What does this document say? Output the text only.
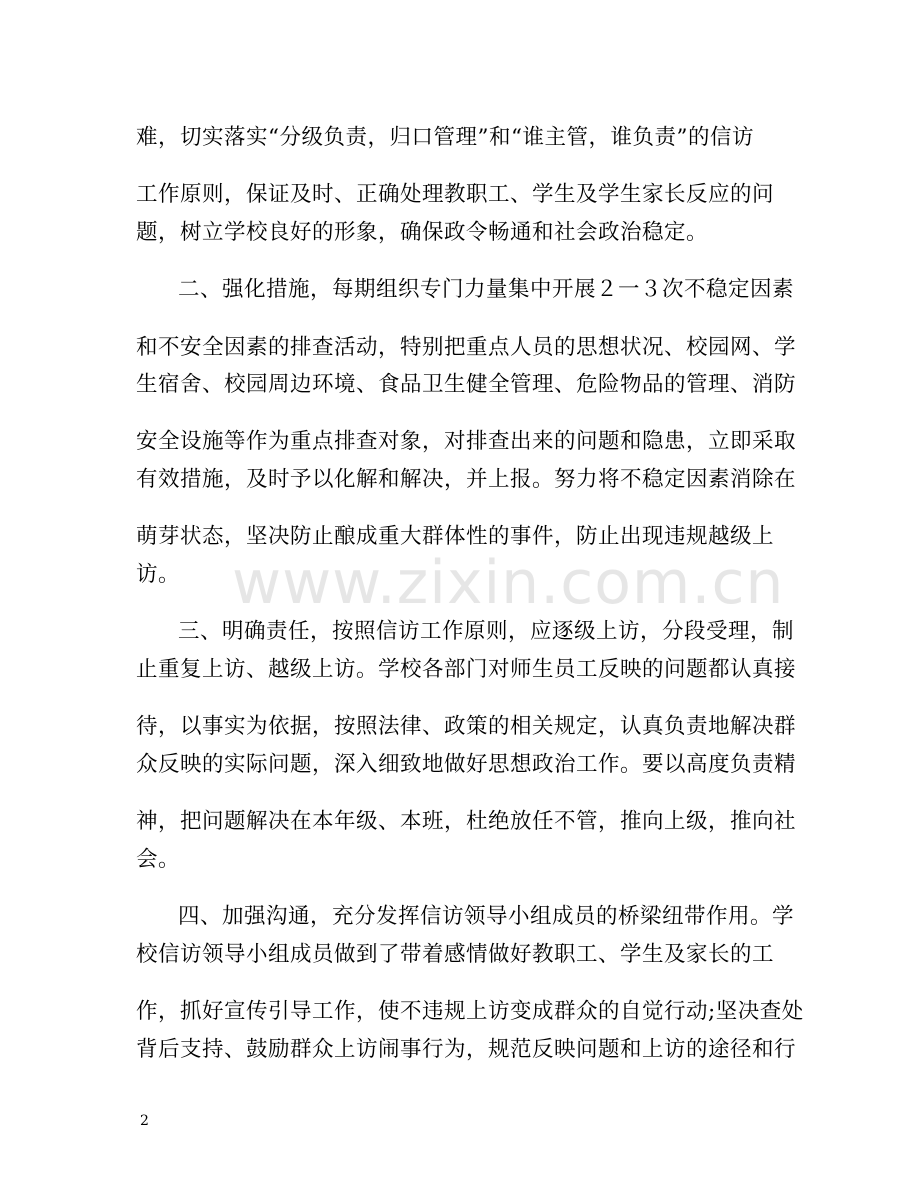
www.zixin.com.cn
难，切实落实“分级负责，归口管理”和“谁主管，谁负责”的信访
工作原则，保证及时、正确处理教职工、学生及学生家长反应的问
题，树立学校良好的形象，确保政令畅通和社会政治稳定。
二、强化措施，每期组织专门力量集中开展２一３次不稳定因素
和不安全因素的排查活动，特别把重点人员的思想状况、校园网、学
生宿舍、校园周边环境、食品卫生健全管理、危险物品的管理、消防
安全设施等作为重点排查对象，对排查出来的问题和隐患，立即采取
有效措施，及时予以化解和解决，并上报。努力将不稳定因素消除在
萌芽状态，坚决防止酿成重大群体性的事件，防止出现违规越级上
访。
三、明确责任，按照信访工作原则，应逐级上访，分段受理，制
止重复上访、越级上访。学校各部门对师生员工反映的问题都认真接
待，以事实为依据，按照法律、政策的相关规定，认真负责地解决群
众反映的实际问题，深入细致地做好思想政治工作。要以高度负责精
神，把问题解决在本年级、本班，杜绝放任不管，推向上级，推向社
会。
四、加强沟通，充分发挥信访领导小组成员的桥梁纽带作用。学
校信访领导小组成员做到了带着感情做好教职工、学生及家长的工
作，抓好宣传引导工作，使不违规上访变成群众的自觉行动;坚决查处
背后支持、鼓励群众上访闹事行为，规范反映问题和上访的途径和行
2
